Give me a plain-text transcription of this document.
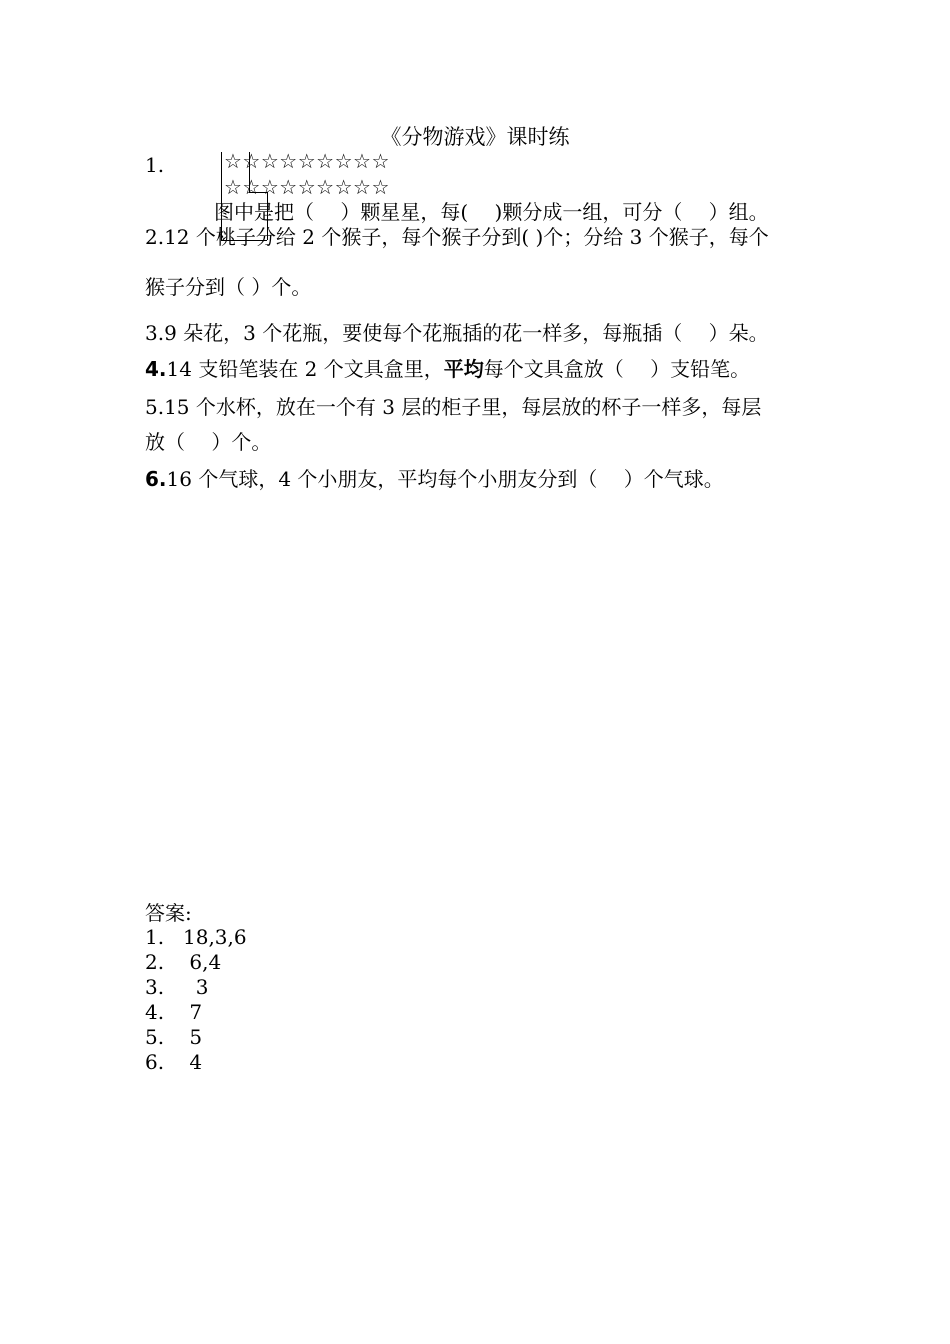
《分物游戏》课时练
1.	☆☆☆☆☆☆☆☆☆
☆☆☆☆☆☆☆☆☆
图中是把（　 ）颗星星，每(　 )颗分成一组，可分（　 ）组。
2.12 个桃子分给 2 个猴子，每个猴子分到( )个；分给 3 个猴子，每个
猴子分到（ ）个。
3.9 朵花，3 个花瓶，要使每个花瓶插的花一样多，每瓶插（　 ）朵。
4.14 支铅笔装在 2 个文具盒里，平均每个文具盒放（　 ）支铅笔。
5.15 个水杯，放在一个有 3 层的柜子里，每层放的杯子一样多，每层
放（　 ）个。
6.16 个气球，4 个小朋友，平均每个小朋友分到（　 ）个气球。
答案:
1. 18,3,6
2. 6,4
3.  3
4. 7
5. 5
6. 4
